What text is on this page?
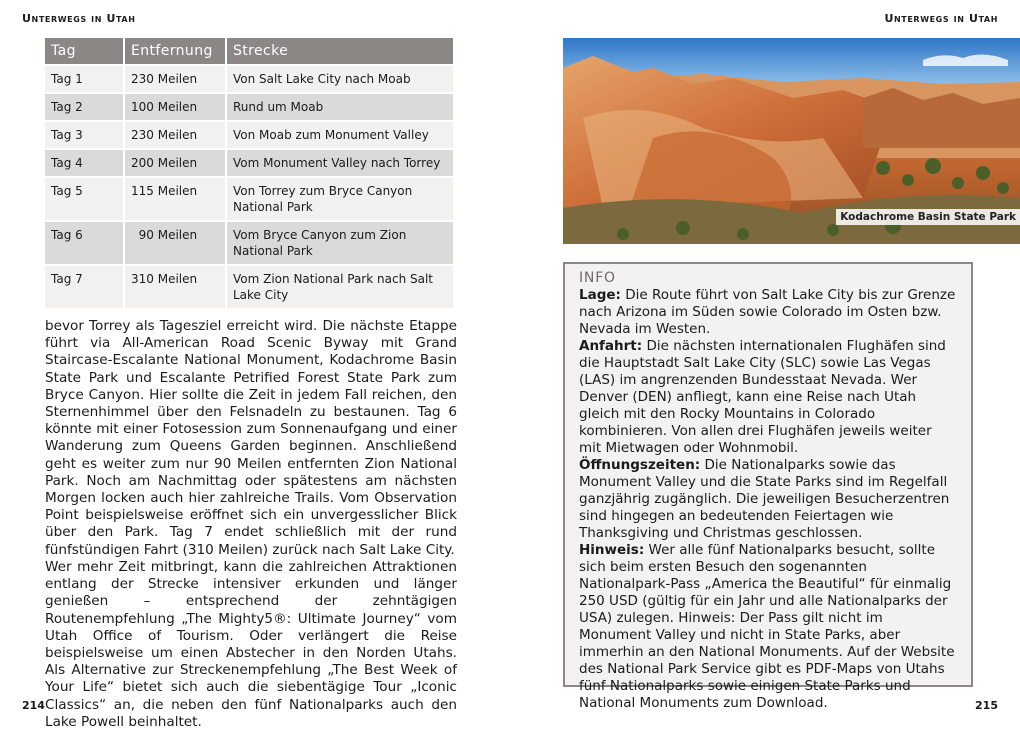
Unterwegs in Utah	Unterwegs in Utah
Tag	Entfernung	Strecke
Tag 1	230 Meilen	Von Salt Lake City nach Moab
Tag 2	100 Meilen	Rund um Moab
Tag 3	230 Meilen	Von Moab zum Monument Valley
Tag 4	200 Meilen	Vom Monument Valley nach Torrey
Tag 5	115 Meilen	Von Torrey zum Bryce Canyon National Park
Tag 6	90 Meilen	Vom Bryce Canyon zum Zion National Park
Tag 7	310 Meilen	Vom Zion National Park nach Salt Lake City

bevor Torrey als Tagesziel erreicht wird. Die nächste Etappe führt via All-American Road Scenic Byway mit Grand Staircase-Escalante National Monument, Kodachrome Basin State Park und Escalante Petrified Forest State Park zum Bryce Canyon. Hier sollte die Zeit in jedem Fall reichen, den Sternenhimmel über den Felsnadeln zu bestaunen. Tag 6 könnte mit einer Fotosession zum Sonnenaufgang und einer Wanderung zum Queens Garden beginnen. Anschließend geht es weiter zum nur 90 Meilen entfernten Zion National Park. Noch am Nachmittag oder spätestens am nächsten Morgen locken auch hier zahlreiche Trails. Vom Observation Point beispielsweise eröffnet sich ein unvergesslicher Blick über den Park. Tag 7 endet schließlich mit der rund fünfstündigen Fahrt (310 Meilen) zurück nach Salt Lake City.

Wer mehr Zeit mitbringt, kann die zahlreichen Attraktionen entlang der Strecke intensiver erkunden und länger genießen – entsprechend der zehntägigen Routenempfehlung „The Mighty5®: Ultimate Journey“ vom Utah Office of Tourism. Oder verlängert die Reise beispielsweise um einen Abstecher in den Norden Utahs. Als Alternative zur Streckenempfehlung „The Best Week of Your Life“ bietet sich auch die siebentägige Tour „Iconic Classics“ an, die neben den fünf Nationalparks auch den Lake Powell beinhaltet.

214	215
Kodachrome Basin State Park
INFO

Lage: Die Route führt von Salt Lake City bis zur Grenze nach Arizona im Süden sowie Colorado im Osten bzw. Nevada im Westen.

Anfahrt: Die nächsten internationalen Flughäfen sind die Hauptstadt Salt Lake City (SLC) sowie Las Vegas (LAS) im angrenzenden Bundesstaat Nevada. Wer Denver (DEN) anfliegt, kann eine Reise nach Utah gleich mit den Rocky Mountains in Colorado kombinieren. Von allen drei Flughäfen jeweils weiter mit Mietwagen oder Wohnmobil.

Öffnungszeiten: Die Nationalparks sowie das Monument Valley und die State Parks sind im Regelfall ganzjährig zugänglich. Die jeweiligen Besucherzentren sind hingegen an bedeutenden Feiertagen wie Thanksgiving und Christmas geschlossen.

Hinweis: Wer alle fünf Nationalparks besucht, sollte sich beim ersten Besuch den sogenannten Nationalpark-Pass „America the Beautiful“ für einmalig 250 USD (gültig für ein Jahr und alle Nationalparks der USA) zulegen. Hinweis: Der Pass gilt nicht im Monument Valley und nicht in State Parks, aber immerhin an den National Monuments. Auf der Website des National Park Service gibt es PDF-Maps von Utahs fünf Nationalparks sowie einigen State Parks und National Monuments zum Download.
